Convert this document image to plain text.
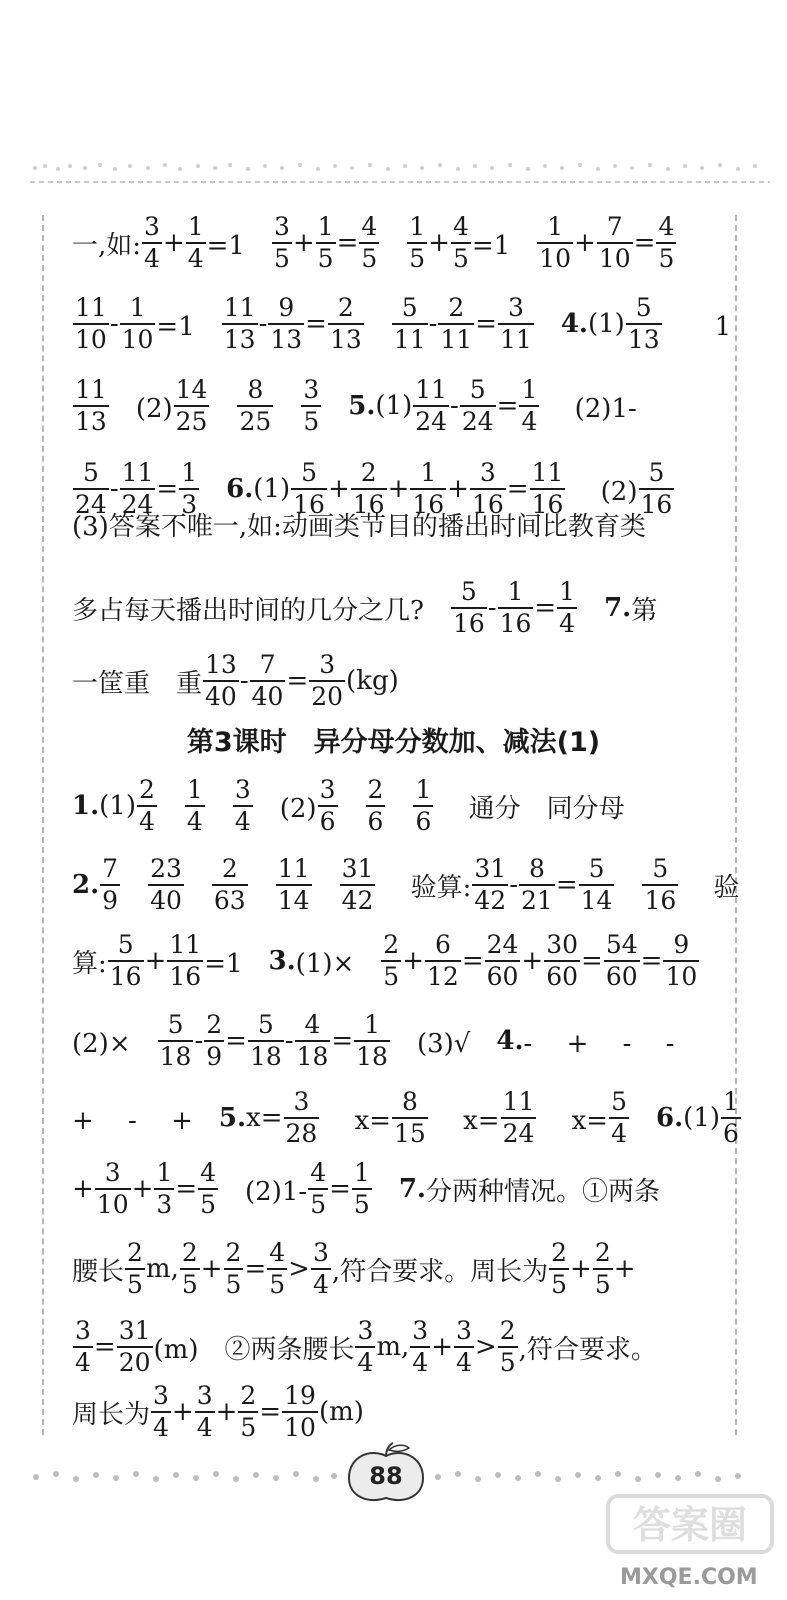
一,如: $\frac{3}{4} + \frac{1}{4} =1$　 $\frac{3}{5} + \frac{1}{5} = \frac{4}{5}$
　 $\frac{1}{5} + \frac{4}{5} =1$　 $\frac{1}{10} + \frac{7}{10} = \frac{4}{5}$
$\frac{11}{10} - \frac{1}{10} =1$　 $\frac{11}{13} - \frac{9}{13} = \frac{2}{13}$
　 $\frac{5}{11} - \frac{2}{11} = \frac{3}{11}$
　 4. $(1) \frac{5}{13}$ 　　1
$\frac{11}{13}$ 　$(2) \frac{14}{25}$
　 $\frac{8}{25}$
　 $\frac{3}{5}$
　 5. $(1) \frac{11}{24} - \frac{5}{24} = \frac{1}{4}$ 　 (2)1-
$\frac{5}{24} - \frac{11}{24} = \frac{1}{3}$
　 6. $(1) \frac{5}{16} + \frac{2}{16} + \frac{1}{16} + \frac{3}{16} = \frac{11}{16}$ 　 $(2) \frac{5}{16}$
(3)答案不唯一,如:动画类节目的播出时间比教育类
多占每天播出时间的几分之几?　 $\frac{5}{16} - \frac{1}{16} = \frac{1}{4}$
　 7. 第
一筐重　重 $\frac{13}{40} - \frac{7}{40} = \frac{3}{20} (kg)$
1. $(1) \frac{2}{4}$
　 $\frac{1}{4}$
　 $\frac{3}{4}$ 　$(2) \frac{3}{6}$
　 $\frac{2}{6}$
　 $\frac{1}{6}$ 　 通分　同分母
2. $\frac{7}{9}$
　 $\frac{23}{40}$
　 $\frac{2}{63}$
　 $\frac{11}{14}$
　 $\frac{31}{42}$ 　 验算: $\frac{31}{42} - \frac{8}{21} = \frac{5}{14}$
　 $\frac{5}{16}$ 　 验
算: $\frac{5}{16} + \frac{11}{16} =1$　 3. (1)×　 $\frac{2}{5} + \frac{6}{12} = \frac{24}{60} + \frac{30}{60} = \frac{54}{60} = \frac{9}{10}$
(2)×　 $\frac{5}{18} - \frac{2}{9} = \frac{5}{18} - \frac{4}{18} = \frac{1}{18}$ 　(3)√　 4. -　 +　 -　 -
+　 -　 +　 5. $x= \frac{3}{28}$ 　 $x= \frac{8}{15}$ 　 $x= \frac{11}{24}$ 　 $x= \frac{5}{4}$
　 6. $(1) \frac{1}{6}$
+ $\frac{3}{10} + \frac{1}{3} = \frac{4}{5}$ 　$(2)1- \frac{4}{5} = \frac{1}{5}$
　 7. 分两种情况。①两条
腰长 $\frac{2}{5} m$, $\frac{2}{5} + \frac{2}{5} = \frac{4}{5} > \frac{3}{4}$ ,符合要求。周长为 $\frac{2}{5} + \frac{2}{5}$ +
$\frac{3}{4} = \frac{31}{20} (m)$　②两条腰长 $\frac{3}{4} m$, $\frac{3}{4} + \frac{3}{4} > \frac{2}{5}$ ,符合要求。
周长为 $\frac{3}{4} + \frac{3}{4} + \frac{2}{5} = \frac{19}{10} (m)$
第3课时　异分母分数加、减法(1)
88
答案圈
MXQE.COM
